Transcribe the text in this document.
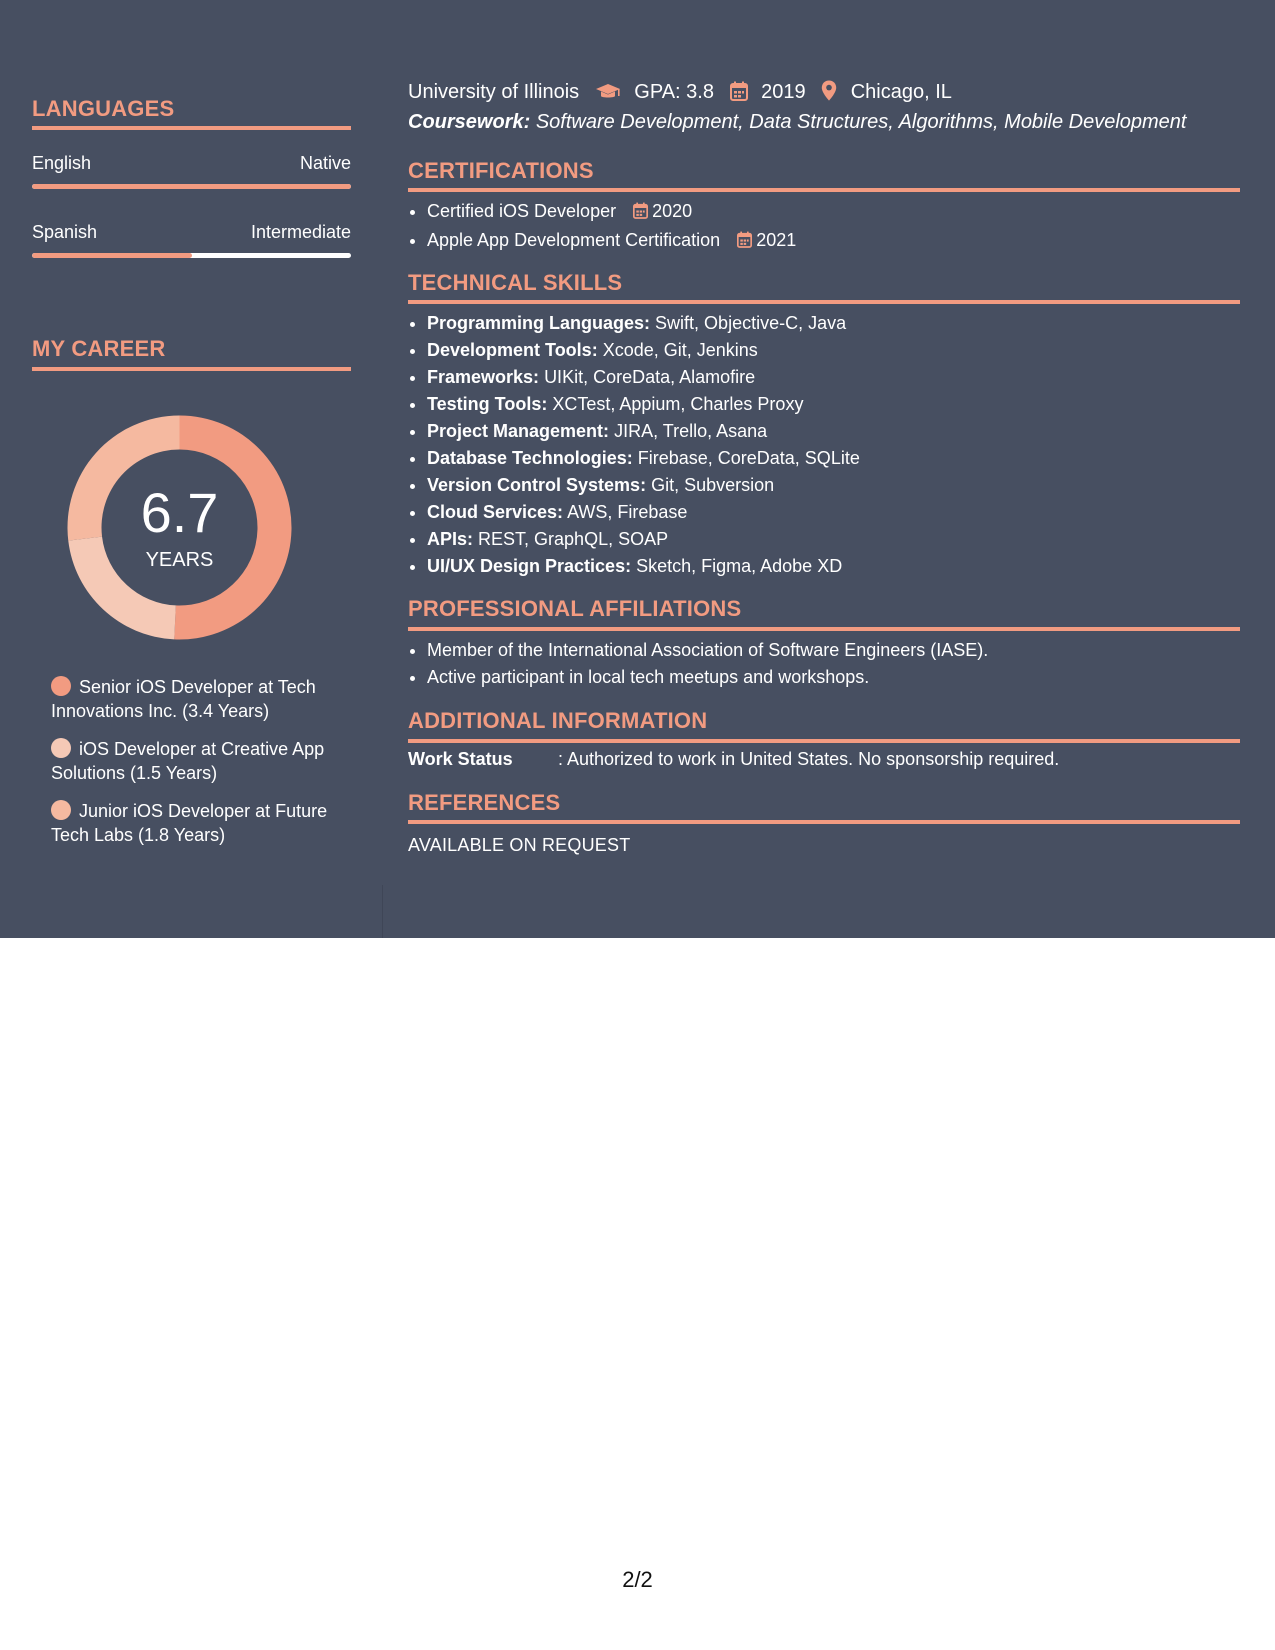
LANGUAGES
English	Native
Spanish	Intermediate
MY CAREER
6.7
YEARS
Senior iOS Developer at Tech Innovations Inc. (3.4 Years)
iOS Developer at Creative App Solutions (1.5 Years)
Junior iOS Developer at Future Tech Labs (1.8 Years)
University of Illinois	GPA: 3.8 2019 Chicago, IL
Coursework: Software Development, Data Structures, Algorithms, Mobile Development
CERTIFICATIONS
• Certified iOS Developer 2020
• Apple App Development Certification 2021
TECHNICAL SKILLS
• Programming Languages: Swift, Objective-C, Java
• Development Tools: Xcode, Git, Jenkins
• Frameworks: UIKit, CoreData, Alamofire
• Testing Tools: XCTest, Appium, Charles Proxy
• Project Management: JIRA, Trello, Asana
• Database Technologies: Firebase, CoreData, SQLite
• Version Control Systems: Git, Subversion
• Cloud Services: AWS, Firebase
• APIs: REST, GraphQL, SOAP
• UI/UX Design Practices: Sketch, Figma, Adobe XD
PROFESSIONAL AFFILIATIONS
• Member of the International Association of Software Engineers (IASE).
• Active participant in local tech meetups and workshops.
ADDITIONAL INFORMATION
Work Status	: Authorized to work in United States. No sponsorship required.
REFERENCES
AVAILABLE ON REQUEST
2/2
